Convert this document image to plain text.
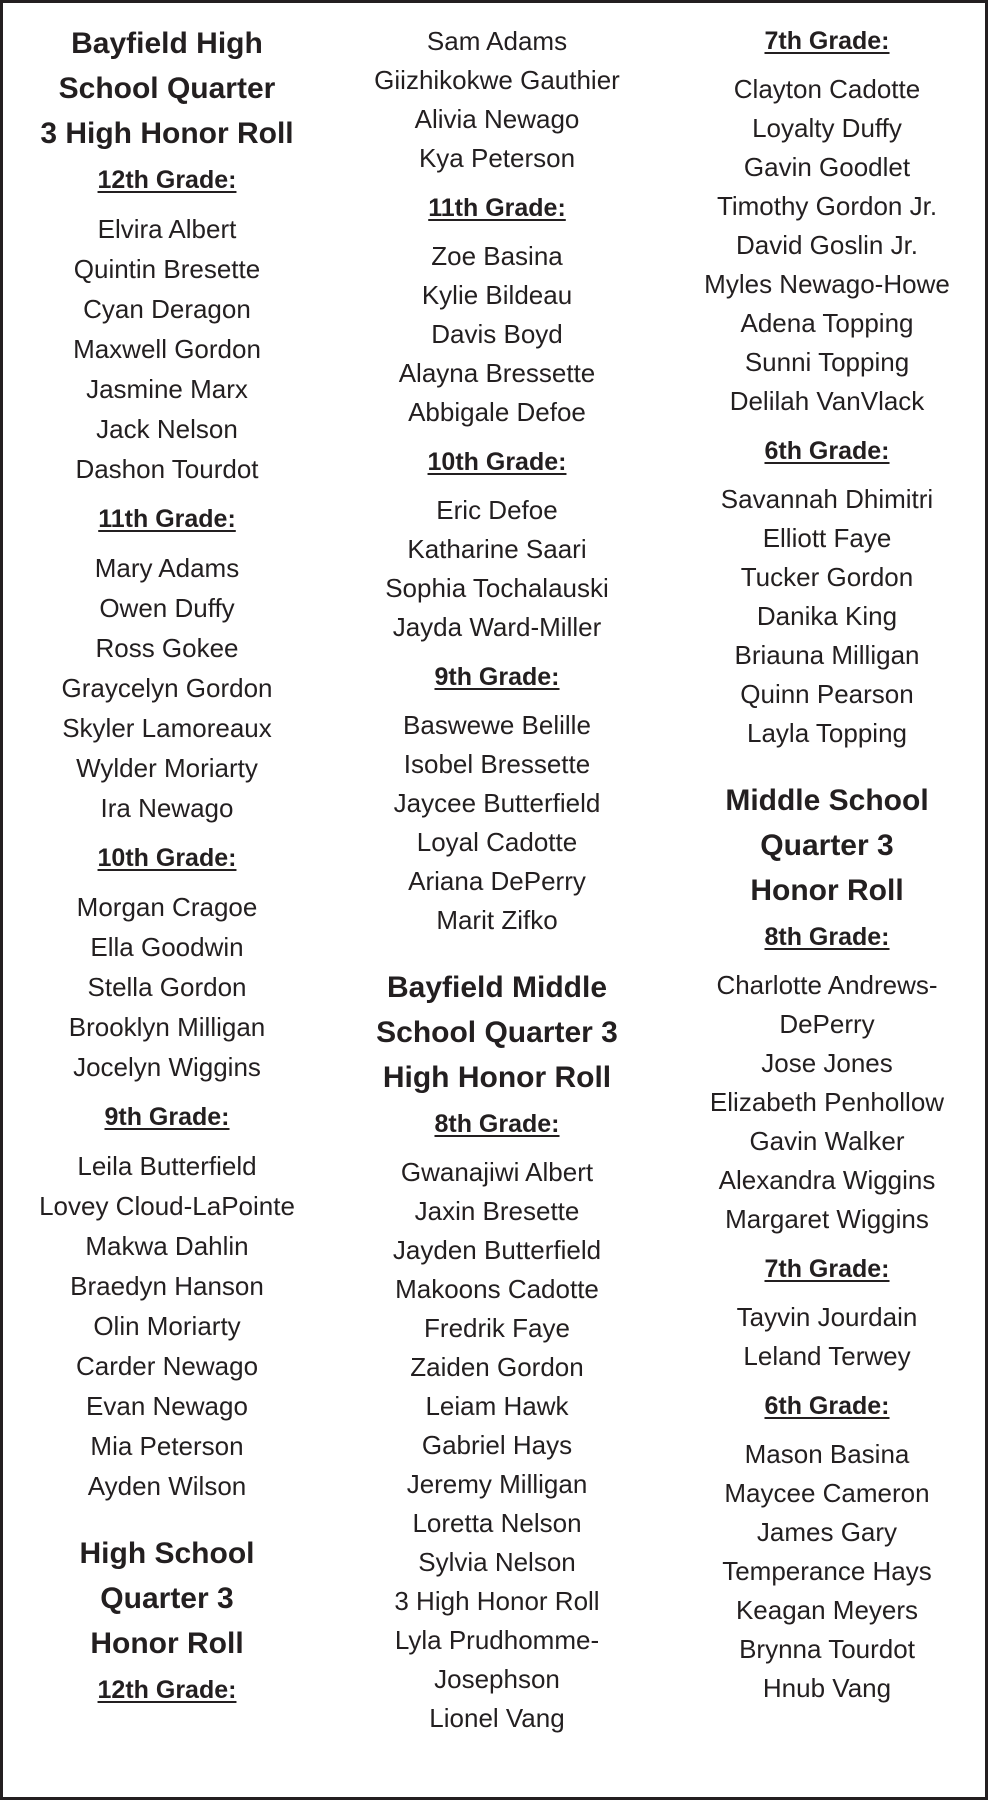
Bayfield High
School Quarter
3 High Honor Roll
12th Grade:
Elvira Albert
Quintin Bresette
Cyan Deragon
Maxwell Gordon
Jasmine Marx
Jack Nelson
Dashon Tourdot
11th Grade:
Mary Adams
Owen Duffy
Ross Gokee
Graycelyn Gordon
Skyler Lamoreaux
Wylder Moriarty
Ira Newago
10th Grade:
Morgan Cragoe
Ella Goodwin
Stella Gordon
Brooklyn Milligan
Jocelyn Wiggins
9th Grade:
Leila Butterfield
Lovey Cloud-LaPointe
Makwa Dahlin
Braedyn Hanson
Olin Moriarty
Carder Newago
Evan Newago
Mia Peterson
Ayden Wilson
High School
Quarter 3
Honor Roll
12th Grade:
Sam Adams
Giizhikokwe Gauthier
Alivia Newago
Kya Peterson
11th Grade:
Zoe Basina
Kylie Bildeau
Davis Boyd
Alayna Bressette
Abbigale Defoe
10th Grade:
Eric Defoe
Katharine Saari
Sophia Tochalauski
Jayda Ward-Miller
9th Grade:
Baswewe Belille
Isobel Bressette
Jaycee Butterfield
Loyal Cadotte
Ariana DePerry
Marit Zifko
Bayfield Middle
School Quarter 3
High Honor Roll
8th Grade:
Gwanajiwi Albert
Jaxin Bresette
Jayden Butterfield
Makoons Cadotte
Fredrik Faye
Zaiden Gordon
Leiam Hawk
Gabriel Hays
Jeremy Milligan
Loretta Nelson
Sylvia Nelson
3 High Honor Roll
Lyla Prudhomme-
Josephson
Lionel Vang
7th Grade:
Clayton Cadotte
Loyalty Duffy
Gavin Goodlet
Timothy Gordon Jr.
David Goslin Jr.
Myles Newago-Howe
Adena Topping
Sunni Topping
Delilah VanVlack
6th Grade:
Savannah Dhimitri
Elliott Faye
Tucker Gordon
Danika King
Briauna Milligan
Quinn Pearson
Layla Topping
Middle School
Quarter 3
Honor Roll
8th Grade:
Charlotte Andrews-
DePerry
Jose Jones
Elizabeth Penhollow
Gavin Walker
Alexandra Wiggins
Margaret Wiggins
7th Grade:
Tayvin Jourdain
Leland Terwey
6th Grade:
Mason Basina
Maycee Cameron
James Gary
Temperance Hays
Keagan Meyers
Brynna Tourdot
Hnub Vang
